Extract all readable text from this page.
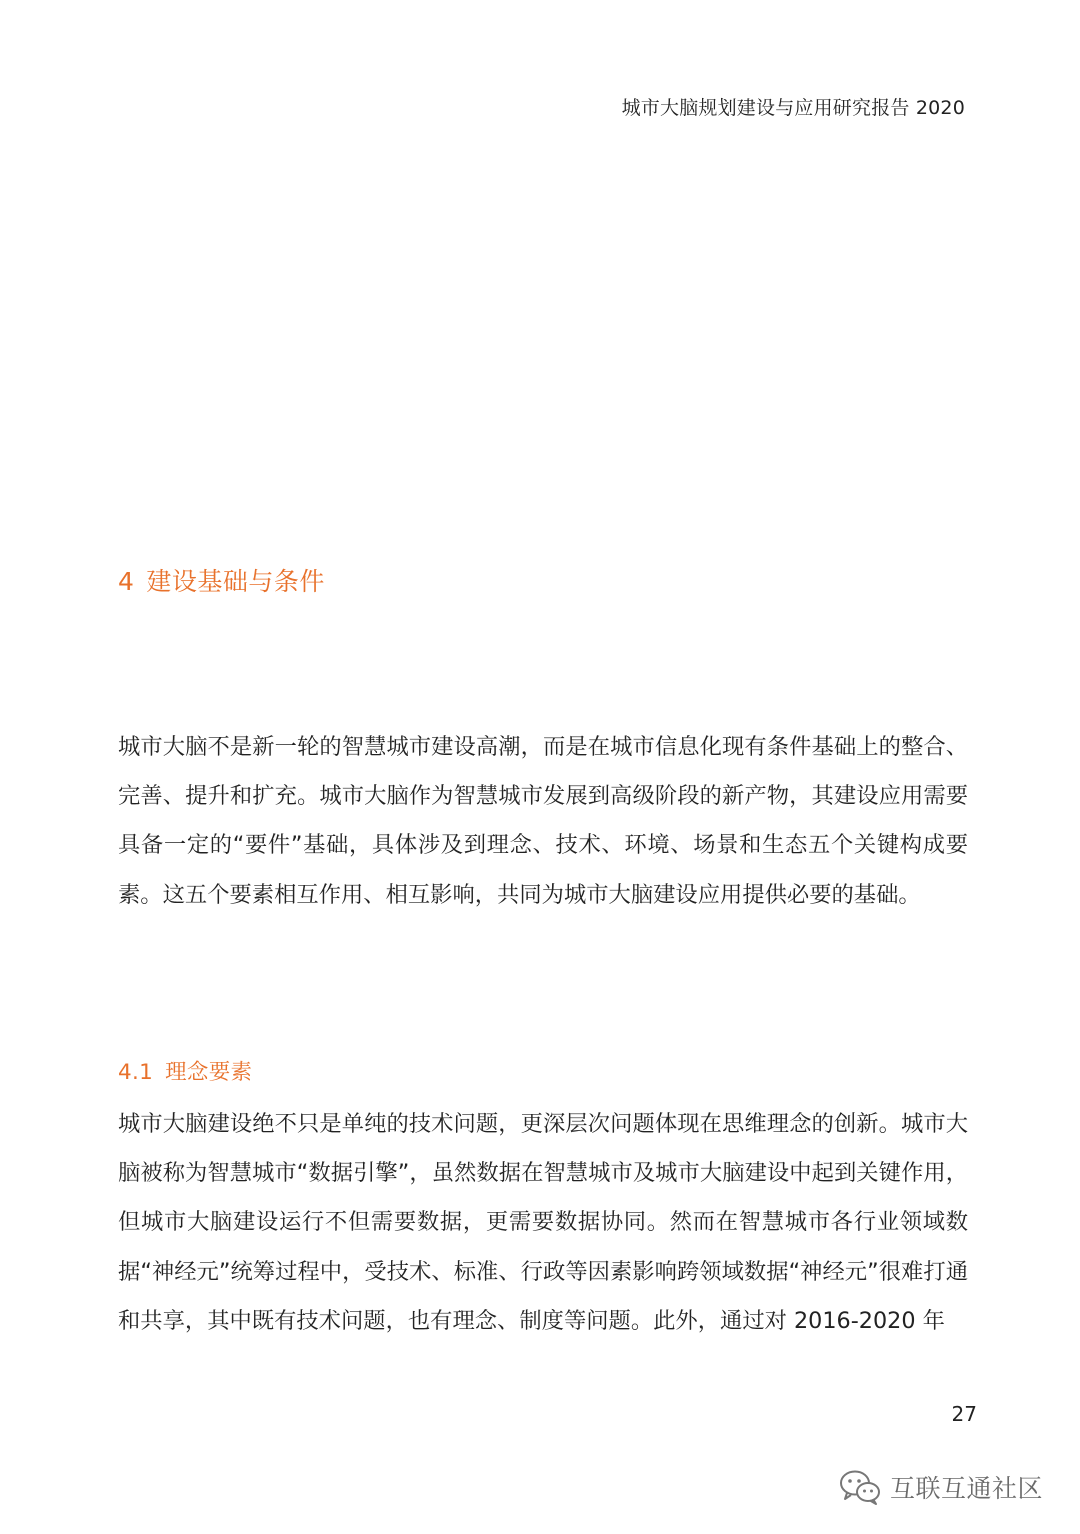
城市大脑规划建设与应用研究报告 2020
4 建设基础与条件

城市大脑不是新一轮的智慧城市建设高潮，而是在城市信息化现有条件基础上的整合、完善、提升和扩充。城市大脑作为智慧城市发展到高级阶段的新产物，其建设应用需要具备一定的“要件”基础，具体涉及到理念、技术、环境、场景和生态五个关键构成要素。这五个要素相互作用、相互影响，共同为城市大脑建设应用提供必要的基础。

4.1 理念要素

城市大脑建设绝不只是单纯的技术问题，更深层次问题体现在思维理念的创新。城市大脑被称为智慧城市“数据引擎”，虽然数据在智慧城市及城市大脑建设中起到关键作用，但城市大脑建设运行不但需要数据，更需要数据协同。然而在智慧城市各行业领域数据“神经元”统筹过程中，受技术、标准、行政等因素影响跨领域数据“神经元”很难打通和共享，其中既有技术问题，也有理念、制度等问题。此外，通过对 2016-2020 年

27
互联互通社区
